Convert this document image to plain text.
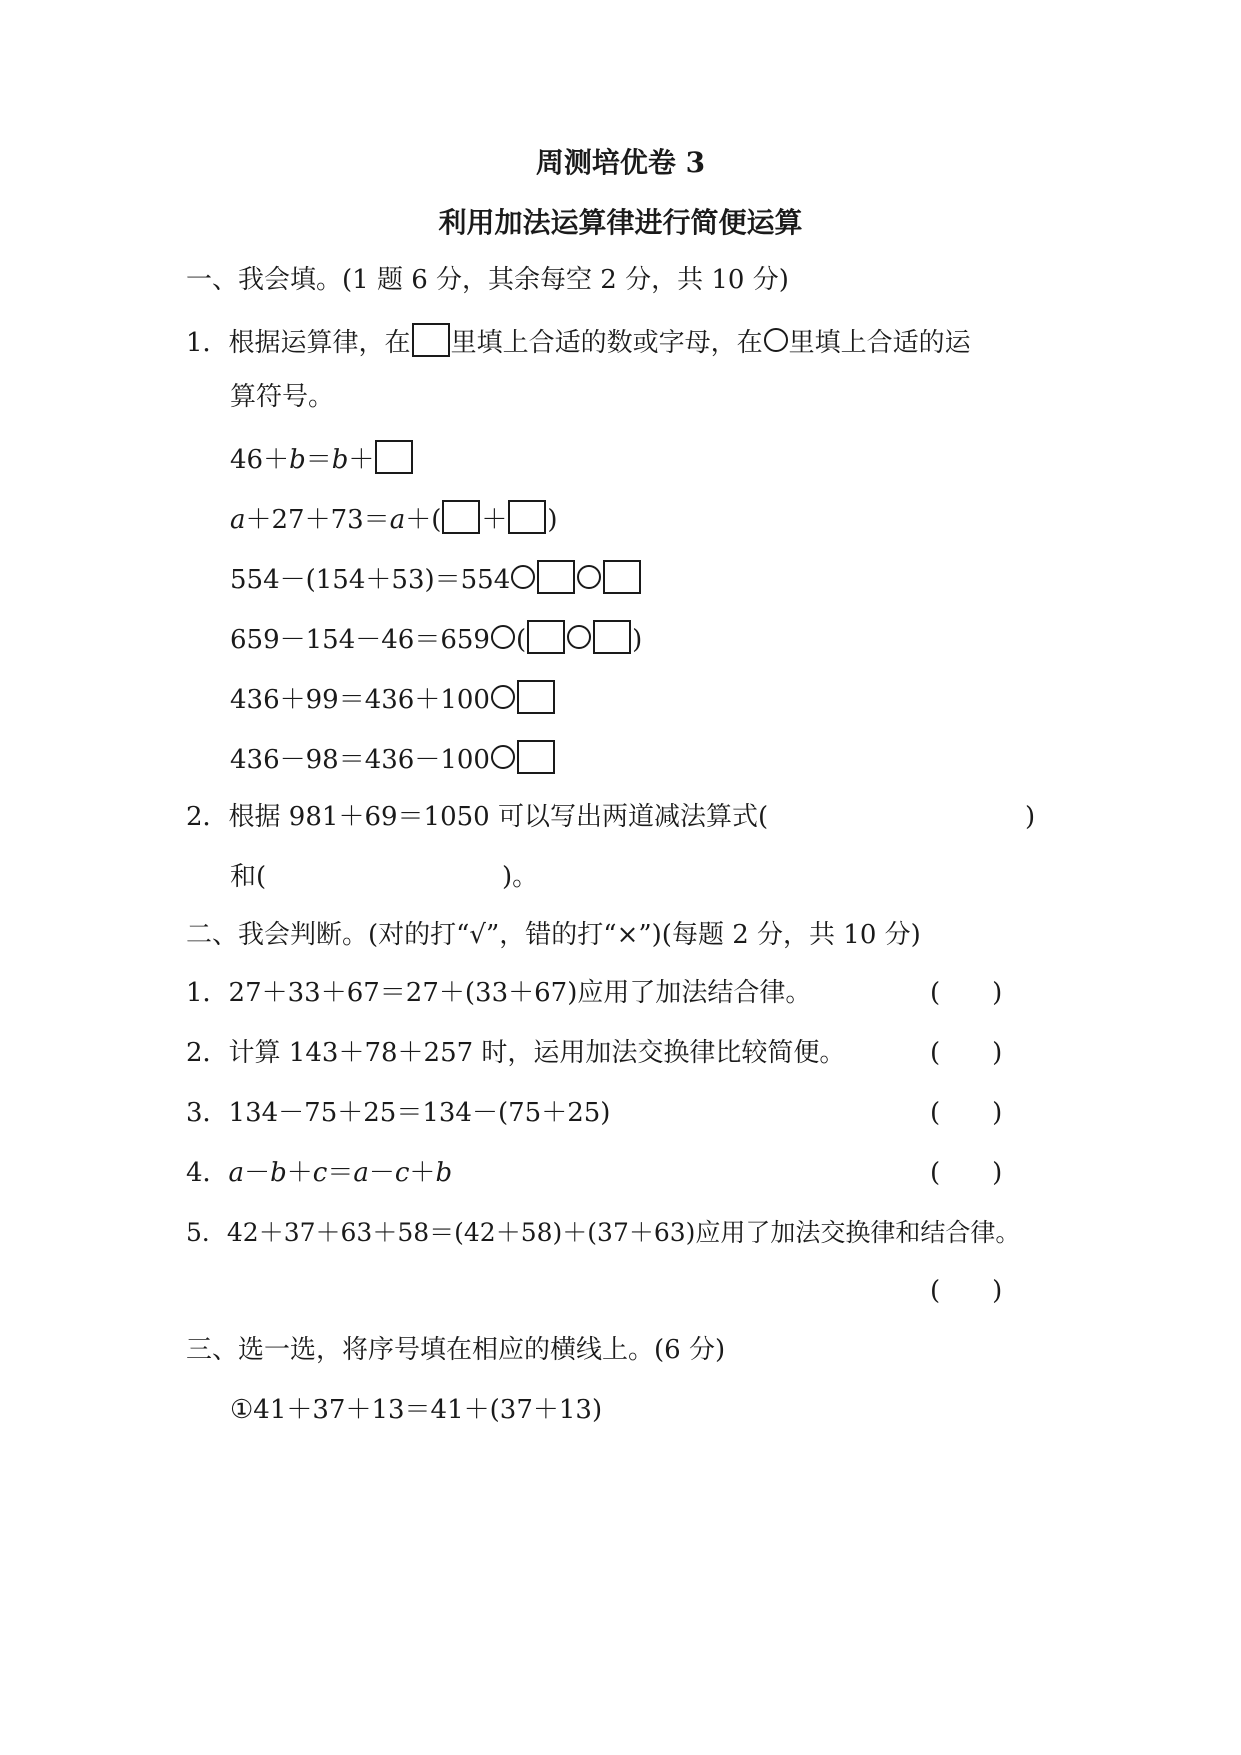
周测培优卷 3
利用加法运算律进行简便运算
一、我会填。(1 题 6 分，其余每空 2 分，共 10 分)
1．根据运算律，在 里填上合适的数或字母，在 里填上合适的运
算符号。
46＋b＝b＋
a＋27＋73＝a＋( ＋ )
554－(154＋53)＝554
659－154－46＝659 (	)
436＋99＝436＋100
436－98＝436－100
2．根据 981＋69＝1050 可以写出两道减法算式(	)
和(	)。
二、我会判断。(对的打“√”，错的打“×”)(每题 2 分，共 10 分)
1．27＋33＋67＝27＋(33＋67)应用了加法结合律。	(　　)
2．计算 143＋78＋257 时，运用加法交换律比较简便。	(　　)
3．134－75＋25＝134－(75＋25)	(　　)
4．a－b＋c＝a－c＋b	(　　)
5．42＋37＋63＋58＝(42＋58)＋(37＋63)应用了加法交换律和结合律。
(　　)
三、选一选，将序号填在相应的横线上。(6 分)
①41＋37＋13＝41＋(37＋13)
